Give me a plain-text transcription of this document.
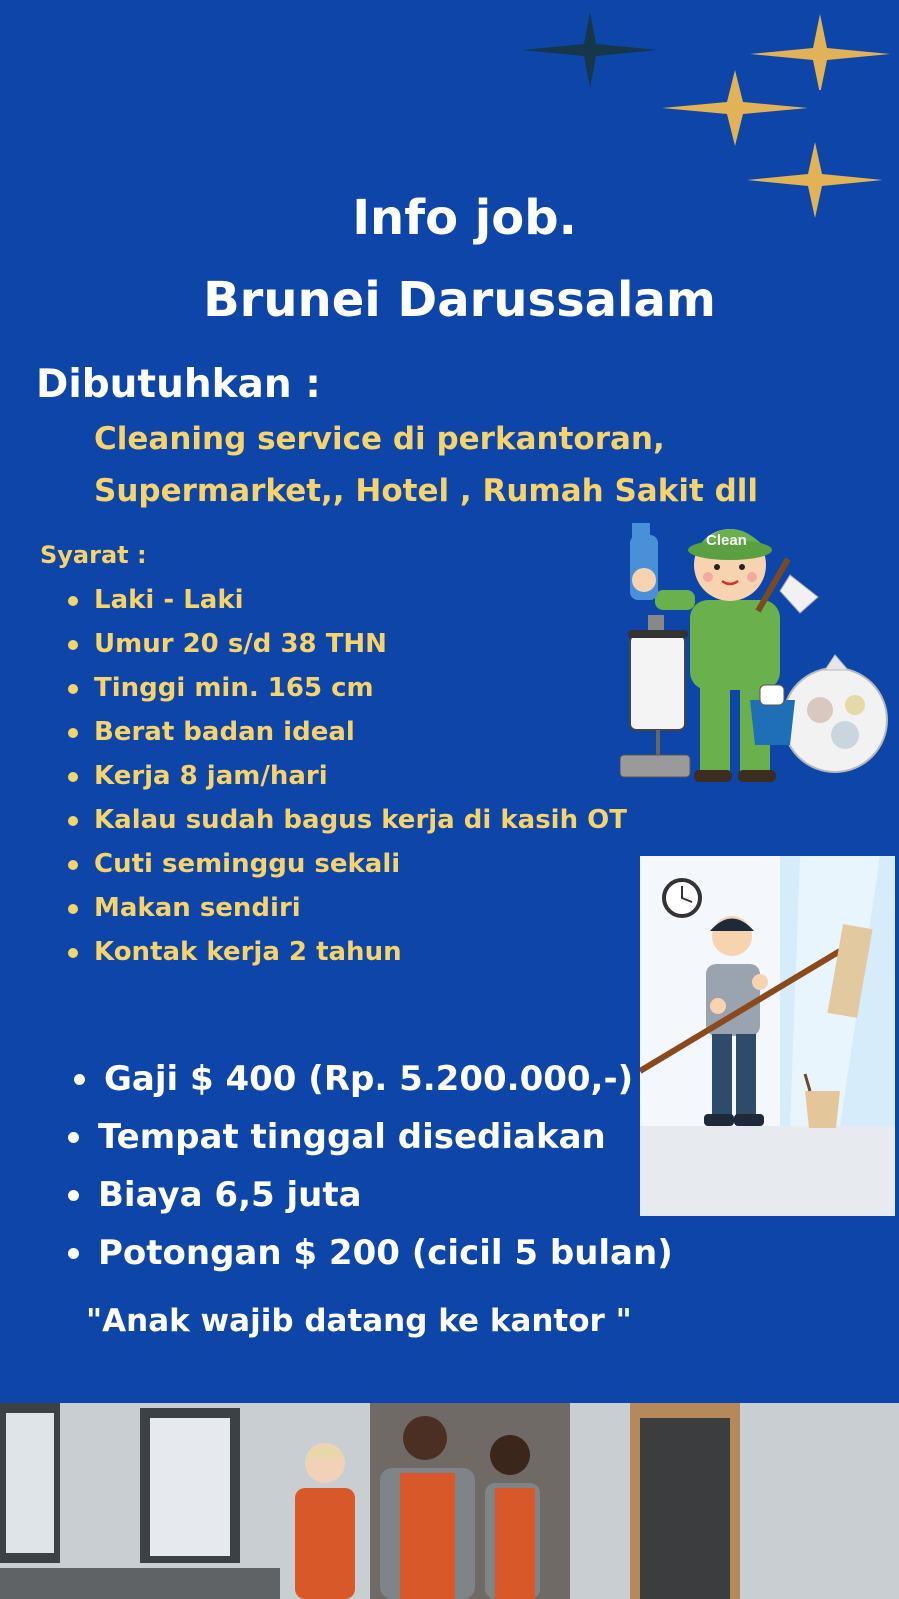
Info job.
Brunei Darussalam
Dibutuhkan :
Cleaning service di perkantoran,
Supermarket,, Hotel , Rumah Sakit dll
Syarat :
Laki - Laki
Umur 20 s/d 38 THN
Tinggi min. 165 cm
Berat badan ideal
Kerja 8 jam/hari
Kalau sudah bagus kerja di kasih OT
Cuti seminggu sekali
Makan sendiri
Kontak kerja 2 tahun
Clean
Gaji $ 400 (Rp. 5.200.000,-)
Tempat tinggal disediakan
Biaya 6,5 juta
Potongan $ 200 (cicil 5 bulan)
"Anak wajib datang ke kantor "
